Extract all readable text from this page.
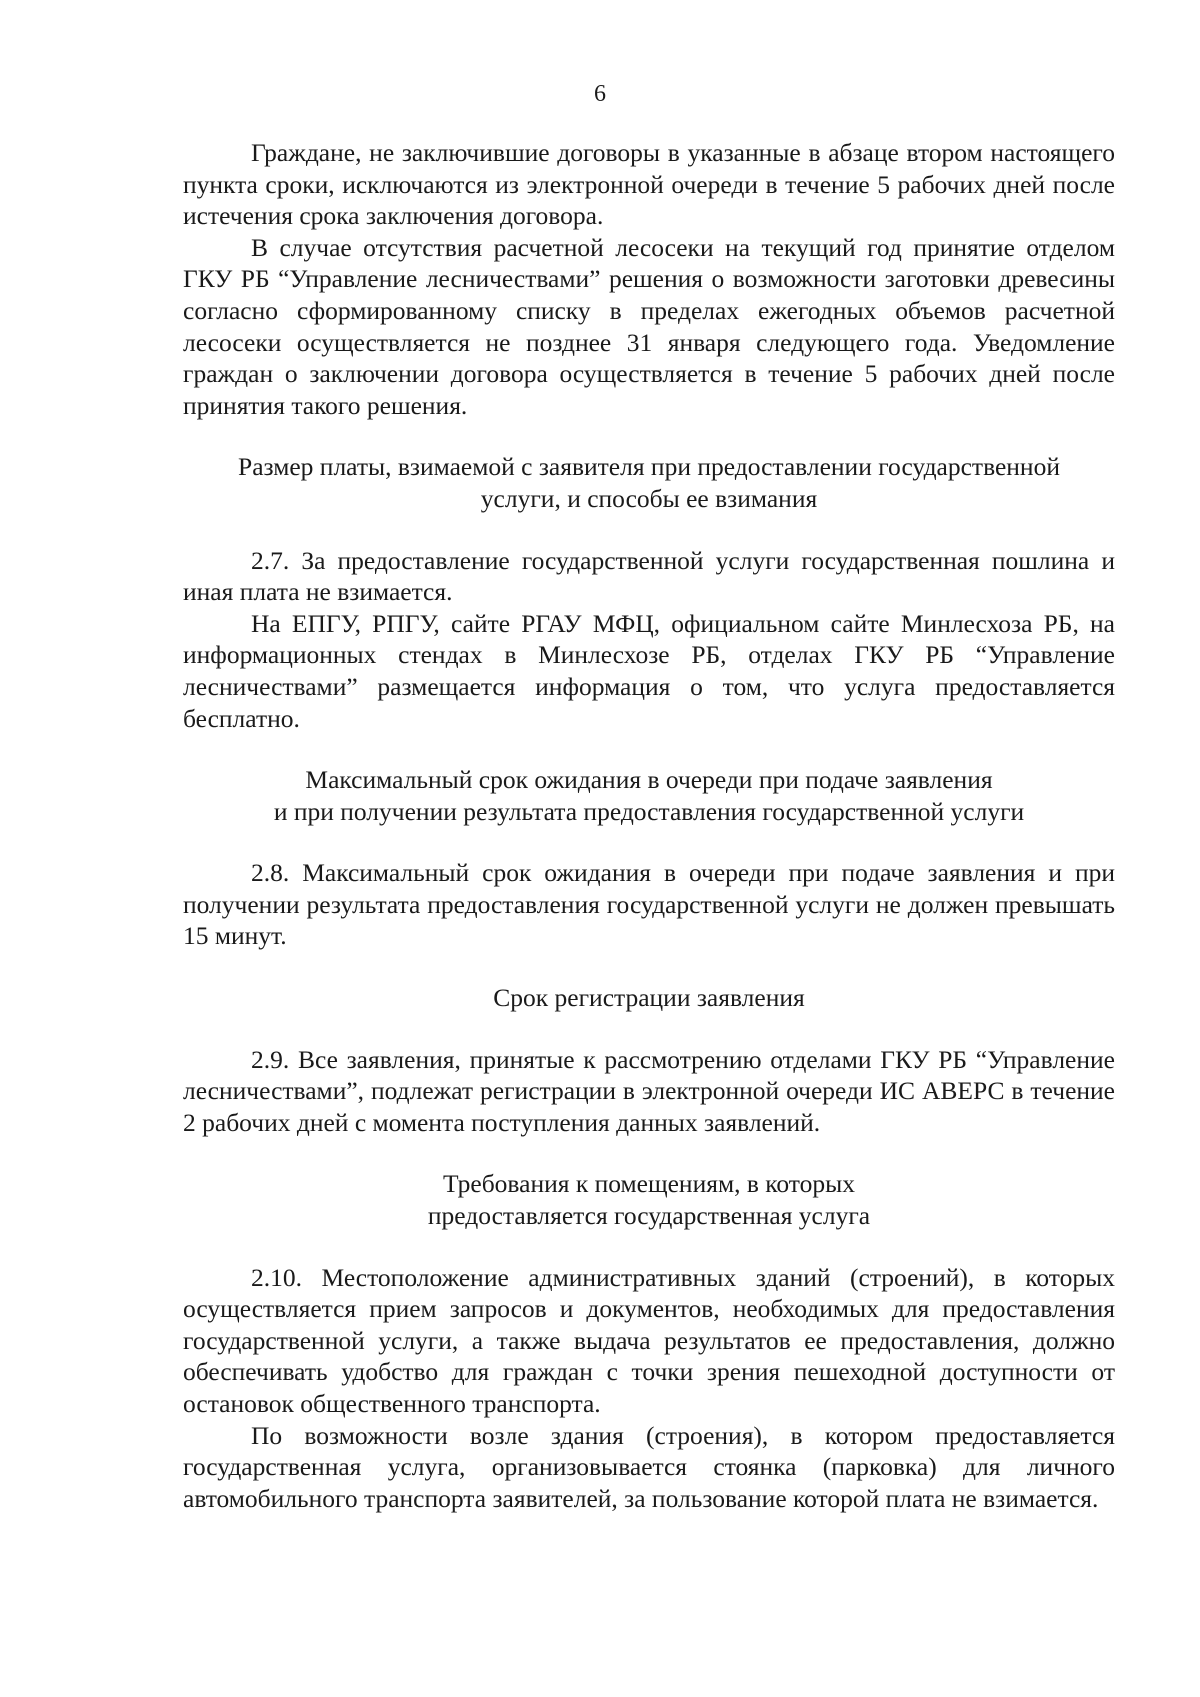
6

Граждане, не заключившие договоры в указанные в абзаце втором настоящего пункта сроки, исключаются из электронной очереди в течение 5 рабочих дней после истечения срока заключения договора.

В случае отсутствия расчетной лесосеки на текущий год принятие отделом ГКУ РБ “Управление лесничествами” решения о возможности заготовки древесины согласно сформированному списку в пределах ежегодных объемов расчетной лесосеки осуществляется не позднее 31 января следующего года. Уведомление граждан о заключении договора осуществляется в течение 5 рабочих дней после принятия такого решения.

Размер платы, взимаемой с заявителя при предоставлении государственной
услуги, и способы ее взимания

2.7. За предоставление государственной услуги государственная пошлина и иная плата не взимается.

На ЕПГУ, РПГУ, сайте РГАУ МФЦ, официальном сайте Минлесхоза РБ, на информационных стендах в Минлесхозе РБ, отделах ГКУ РБ “Управление лесничествами” размещается информация о том, что услуга предоставляется бесплатно.

Максимальный срок ожидания в очереди при подаче заявления
и при получении результата предоставления государственной услуги

2.8. Максимальный срок ожидания в очереди при подаче заявления и при получении результата предоставления государственной услуги не должен превышать 15 минут.

Срок регистрации заявления

2.9. Все заявления, принятые к рассмотрению отделами ГКУ РБ “Управление лесничествами”, подлежат регистрации в электронной очереди ИС АВЕРС в течение 2 рабочих дней с момента поступления данных заявлений.

Требования к помещениям, в которых
предоставляется государственная услуга

2.10. Местоположение административных зданий (строений), в которых осуществляется прием запросов и документов, необходимых для предоставления государственной услуги, а также выдача результатов ее предоставления, должно обеспечивать удобство для граждан с точки зрения пешеходной доступности от остановок общественного транспорта.

По возможности возле здания (строения), в котором предоставляется государственная услуга, организовывается стоянка (парковка) для личного автомобильного транспорта заявителей, за пользование которой плата не взимается.
